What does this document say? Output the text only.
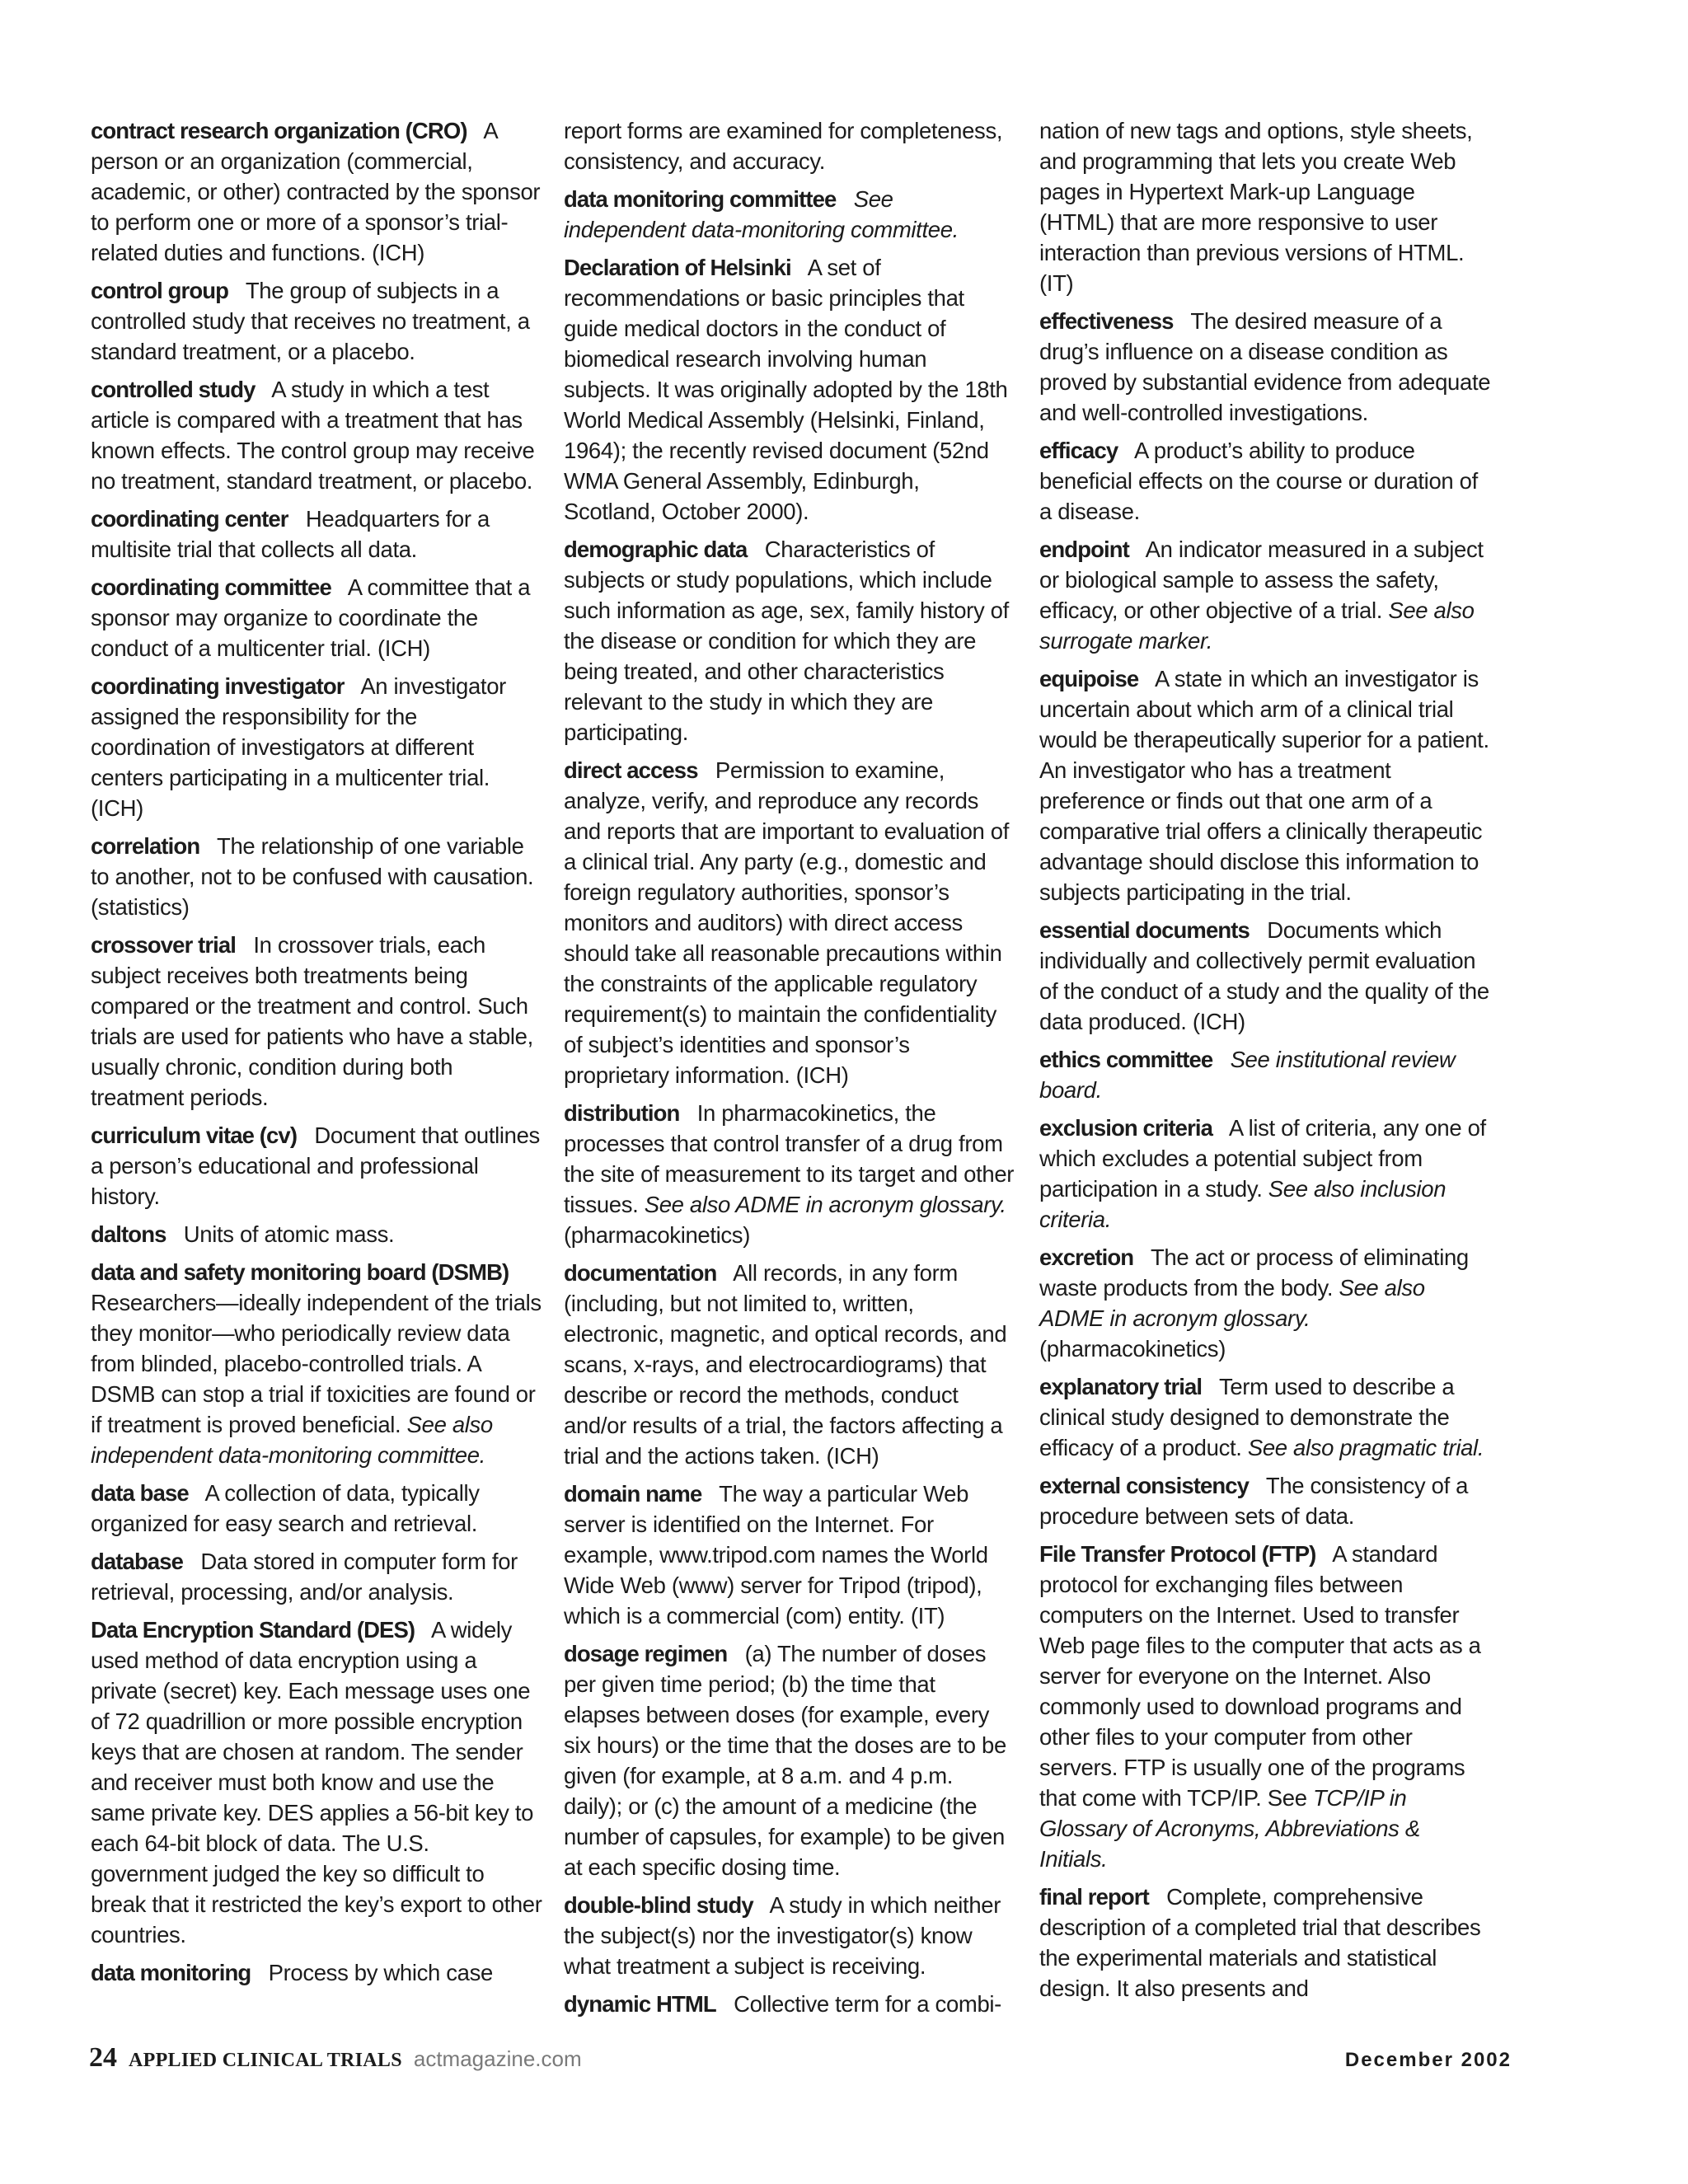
contract research organization (CRO) A person or an organization (commercial, academic, or other) contracted by the sponsor to perform one or more of a sponsor’s trial-related duties and functions. (ICH)

control group The group of subjects in a controlled study that receives no treatment, a standard treatment, or a placebo.

controlled study A study in which a test article is compared with a treatment that has known effects. The control group may receive no treatment, standard treatment, or placebo.

coordinating center Headquarters for a multisite trial that collects all data.

coordinating committee A committee that a sponsor may organize to coordinate the conduct of a multicenter trial. (ICH)

coordinating investigator An investigator assigned the responsibility for the coordination of investigators at different centers participating in a multicenter trial. (ICH)

correlation The relationship of one variable to another, not to be confused with causation. (statistics)

crossover trial In crossover trials, each subject receives both treatments being compared or the treatment and control. Such trials are used for patients who have a stable, usually chronic, condition during both treatment periods.

curriculum vitae (cv) Document that outlines a person’s educational and professional history.

daltons Units of atomic mass.

data and safety monitoring board (DSMB) Researchers—ideally independent of the trials they monitor—who periodically review data from blinded, placebo-controlled trials. A DSMB can stop a trial if toxicities are found or if treatment is proved beneficial. See also independent data-monitoring committee.

data base A collection of data, typically organized for easy search and retrieval.

database Data stored in computer form for retrieval, processing, and/or analysis.

Data Encryption Standard (DES) A widely used method of data encryption using a private (secret) key. Each message uses one of 72 quadrillion or more possible encryption keys that are chosen at random. The sender and receiver must both know and use the same private key. DES applies a 56-bit key to each 64-bit block of data. The U.S. government judged the key so difficult to break that it restricted the key’s export to other countries.

data monitoring Process by which case

report forms are examined for completeness, consistency, and accuracy.

data monitoring committee See independent data-monitoring committee.

Declaration of Helsinki A set of recommendations or basic principles that guide medical doctors in the conduct of biomedical research involving human subjects. It was originally adopted by the 18th World Medical Assembly (Helsinki, Finland, 1964); the recently revised document (52nd WMA General Assembly, Edinburgh, Scotland, October 2000).

demographic data Characteristics of subjects or study populations, which include such information as age, sex, family history of the disease or condition for which they are being treated, and other characteristics relevant to the study in which they are participating.

direct access Permission to examine, analyze, verify, and reproduce any records and reports that are important to evaluation of a clinical trial. Any party (e.g., domestic and foreign regulatory authorities, sponsor’s monitors and auditors) with direct access should take all reasonable precautions within the constraints of the applicable regulatory requirement(s) to maintain the confidentiality of subject’s identities and sponsor’s proprietary information. (ICH)

distribution In pharmacokinetics, the processes that control transfer of a drug from the site of measurement to its target and other tissues. See also ADME in acronym glossary. (pharmacokinetics)

documentation All records, in any form (including, but not limited to, written, electronic, magnetic, and optical records, and scans, x-rays, and electrocardiograms) that describe or record the methods, conduct and/or results of a trial, the factors affecting a trial and the actions taken. (ICH)

domain name The way a particular Web server is identified on the Internet. For example, www.tripod.com names the World Wide Web (www) server for Tripod (tripod), which is a commercial (com) entity. (IT)

dosage regimen (a) The number of doses per given time period; (b) the time that elapses between doses (for example, every six hours) or the time that the doses are to be given (for example, at 8 a.m. and 4 p.m. daily); or (c) the amount of a medicine (the number of capsules, for example) to be given at each specific dosing time.

double-blind study A study in which neither the subject(s) nor the investigator(s) know what treatment a subject is receiving.

dynamic HTML Collective term for a combi-

nation of new tags and options, style sheets, and programming that lets you create Web pages in Hypertext Mark-up Language (HTML) that are more responsive to user interaction than previous versions of HTML. (IT)

effectiveness The desired measure of a drug’s influence on a disease condition as proved by substantial evidence from adequate and well-controlled investigations.

efficacy A product’s ability to produce beneficial effects on the course or duration of a disease.

endpoint An indicator measured in a subject or biological sample to assess the safety, efficacy, or other objective of a trial. See also surrogate marker.

equipoise A state in which an investigator is uncertain about which arm of a clinical trial would be therapeutically superior for a patient. An investigator who has a treatment preference or finds out that one arm of a comparative trial offers a clinically therapeutic advantage should disclose this information to subjects participating in the trial.

essential documents Documents which individually and collectively permit evaluation of the conduct of a study and the quality of the data produced. (ICH)

ethics committee See institutional review board.

exclusion criteria A list of criteria, any one of which excludes a potential subject from participation in a study. See also inclusion criteria.

excretion The act or process of eliminating waste products from the body. See also ADME in acronym glossary. (pharmacokinetics)

explanatory trial Term used to describe a clinical study designed to demonstrate the efficacy of a product. See also pragmatic trial.

external consistency The consistency of a procedure between sets of data.

File Transfer Protocol (FTP) A standard protocol for exchanging files between computers on the Internet. Used to transfer Web page files to the computer that acts as a server for everyone on the Internet. Also commonly used to download programs and other files to your computer from other servers. FTP is usually one of the programs that come with TCP/IP. See TCP/IP in Glossary of Acronyms, Abbreviations & Initials.

final report Complete, comprehensive description of a completed trial that describes the experimental materials and statistical design. It also presents and

24 APPLIED CLINICAL TRIALS actmagazine.com	December 2002
